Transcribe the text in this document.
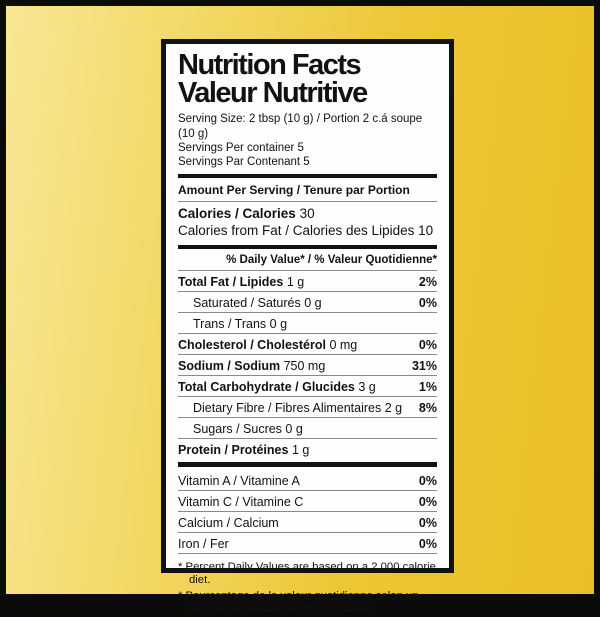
Nutrition Facts
Valeur Nutritive
Serving Size: 2 tbsp (10 g) / Portion 2 c.á soupe (10 g)
Servings Per container 5
Servings Par Contenant 5
Amount Per Serving / Tenure par Portion
Calories / Calories 30
Calories from Fat / Calories des Lipides 10
% Daily Value* / % Valeur Quotidienne*
Total Fat / Lipides 1 g	2%
Saturated / Saturés 0 g	0%
Trans / Trans 0 g
Cholesterol / Cholestérol 0 mg	0%
Sodium / Sodium 750 mg	31%
Total Carbohydrate / Glucides 3 g	1%
Dietary Fibre / Fibres Alimentaires 2 g 8%
Sugars / Sucres 0 g
Protein / Protéines 1 g
Vitamin A / Vitamine A	0%
Vitamin C / Vitamine C	0%
Calcium / Calcium	0%
Iron / Fer	0%
* Percent Daily Values are based on a 2,000 calorie diet.
* Pourcentage de la valeur quotidienne selon un regime alimentaire de 2,000 Calories.
